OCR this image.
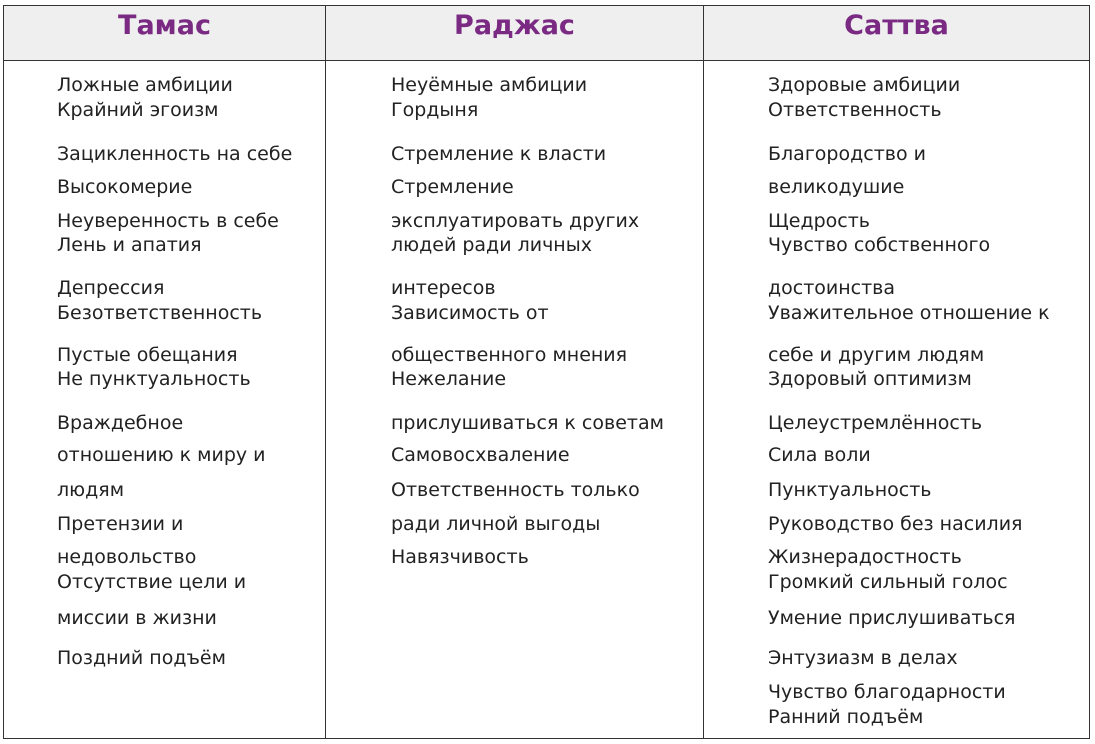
Тамас	Раджас	Саттва
Ложные амбиции
Крайний эгоизм
Зацикленность на себе
Высокомерие
Неуверенность в себе
Лень и апатия
Депрессия
Безответственность
Пустые обещания
Не пунктуальность
Враждебное
отношению к миру и
людям
Претензии и
недовольство
Отсутствие цели и
миссии в жизни
Поздний подъём
Неуёмные амбиции
Гордыня
Стремление к власти
Стремление
эксплуатировать других
людей ради личных
интересов
Зависимость от
общественного мнения
Нежелание
прислушиваться к советам
Самовосхваление
Ответственность только
ради личной выгоды
Навязчивость
Здоровые амбиции
Ответственность
Благородство и
великодушие
Щедрость
Чувство собственного
достоинства
Уважительное отношение к
себе и другим людям
Здоровый оптимизм
Целеустремлённость
Сила воли
Пунктуальность
Руководство без насилия
Жизнерадостность
Громкий сильный голос
Умение прислушиваться
Энтузиазм в делах
Чувство благодарности
Ранний подъём
